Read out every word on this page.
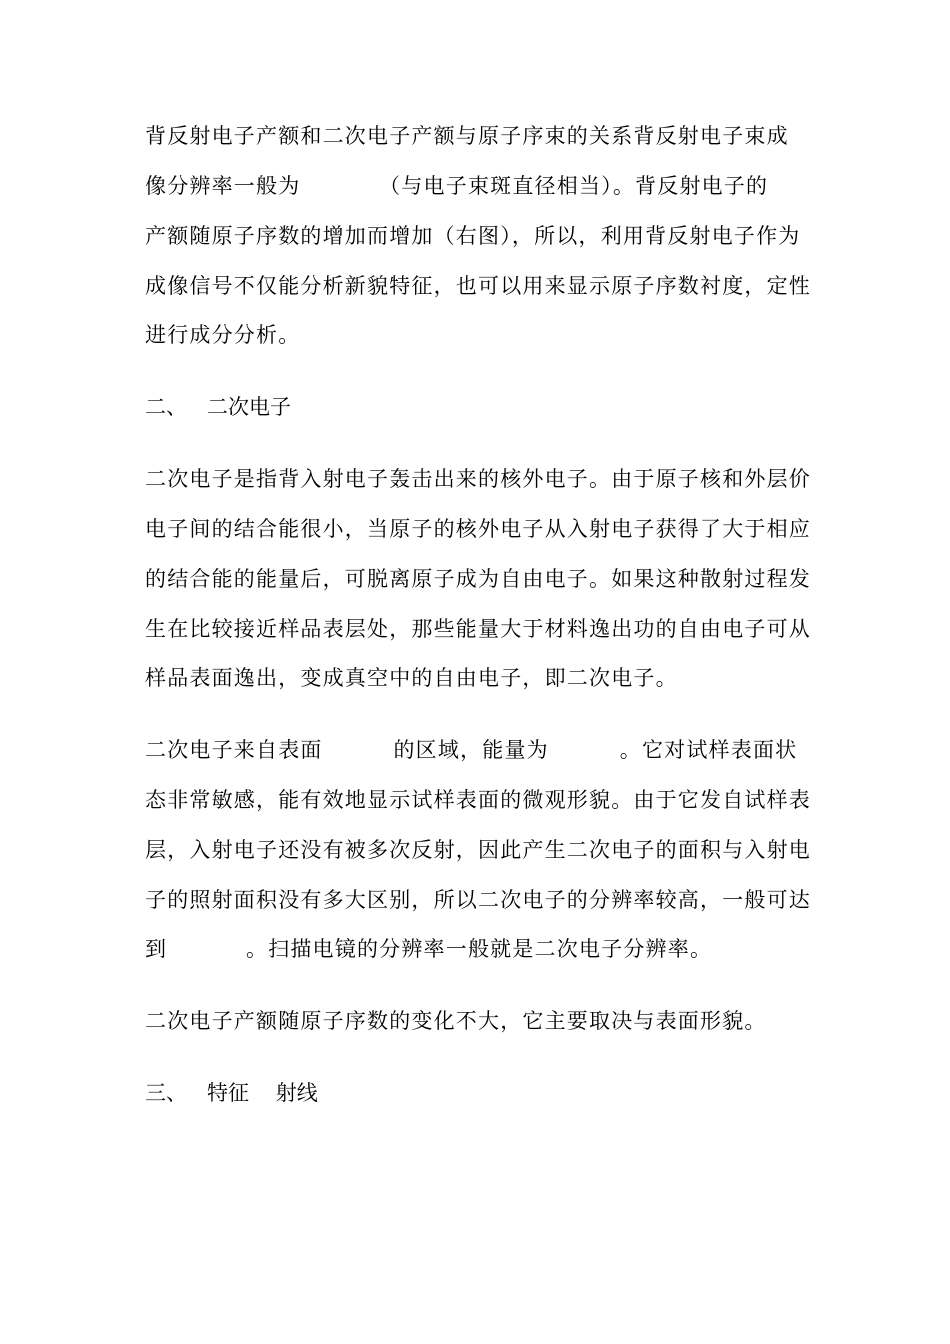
背反射电子产额和二次电子产额与原子序束的关系背反射电子束成
像分辨率一般为          （与电子束斑直径相当）。背反射电子的
产额随原子序数的增加而增加（右图），所以，利用背反射电子作为
成像信号不仅能分析新貌特征，也可以用来显示原子序数衬度，定性
进行成分分析。
二、   二次电子
二次电子是指背入射电子轰击出来的核外电子。由于原子核和外层价
电子间的结合能很小，当原子的核外电子从入射电子获得了大于相应
的结合能的能量后，可脱离原子成为自由电子。如果这种散射过程发
生在比较接近样品表层处，那些能量大于材料逸出功的自由电子可从
样品表面逸出，变成真空中的自由电子，即二次电子。
二次电子来自表面         的区域，能量为         。它对试样表面状
态非常敏感，能有效地显示试样表面的微观形貌。由于它发自试样表
层，入射电子还没有被多次反射，因此产生二次电子的面积与入射电
子的照射面积没有多大区别，所以二次电子的分辨率较高，一般可达
到          。扫描电镜的分辨率一般就是二次电子分辨率。
二次电子产额随原子序数的变化不大，它主要取决与表面形貌。
三、   特征    射线
